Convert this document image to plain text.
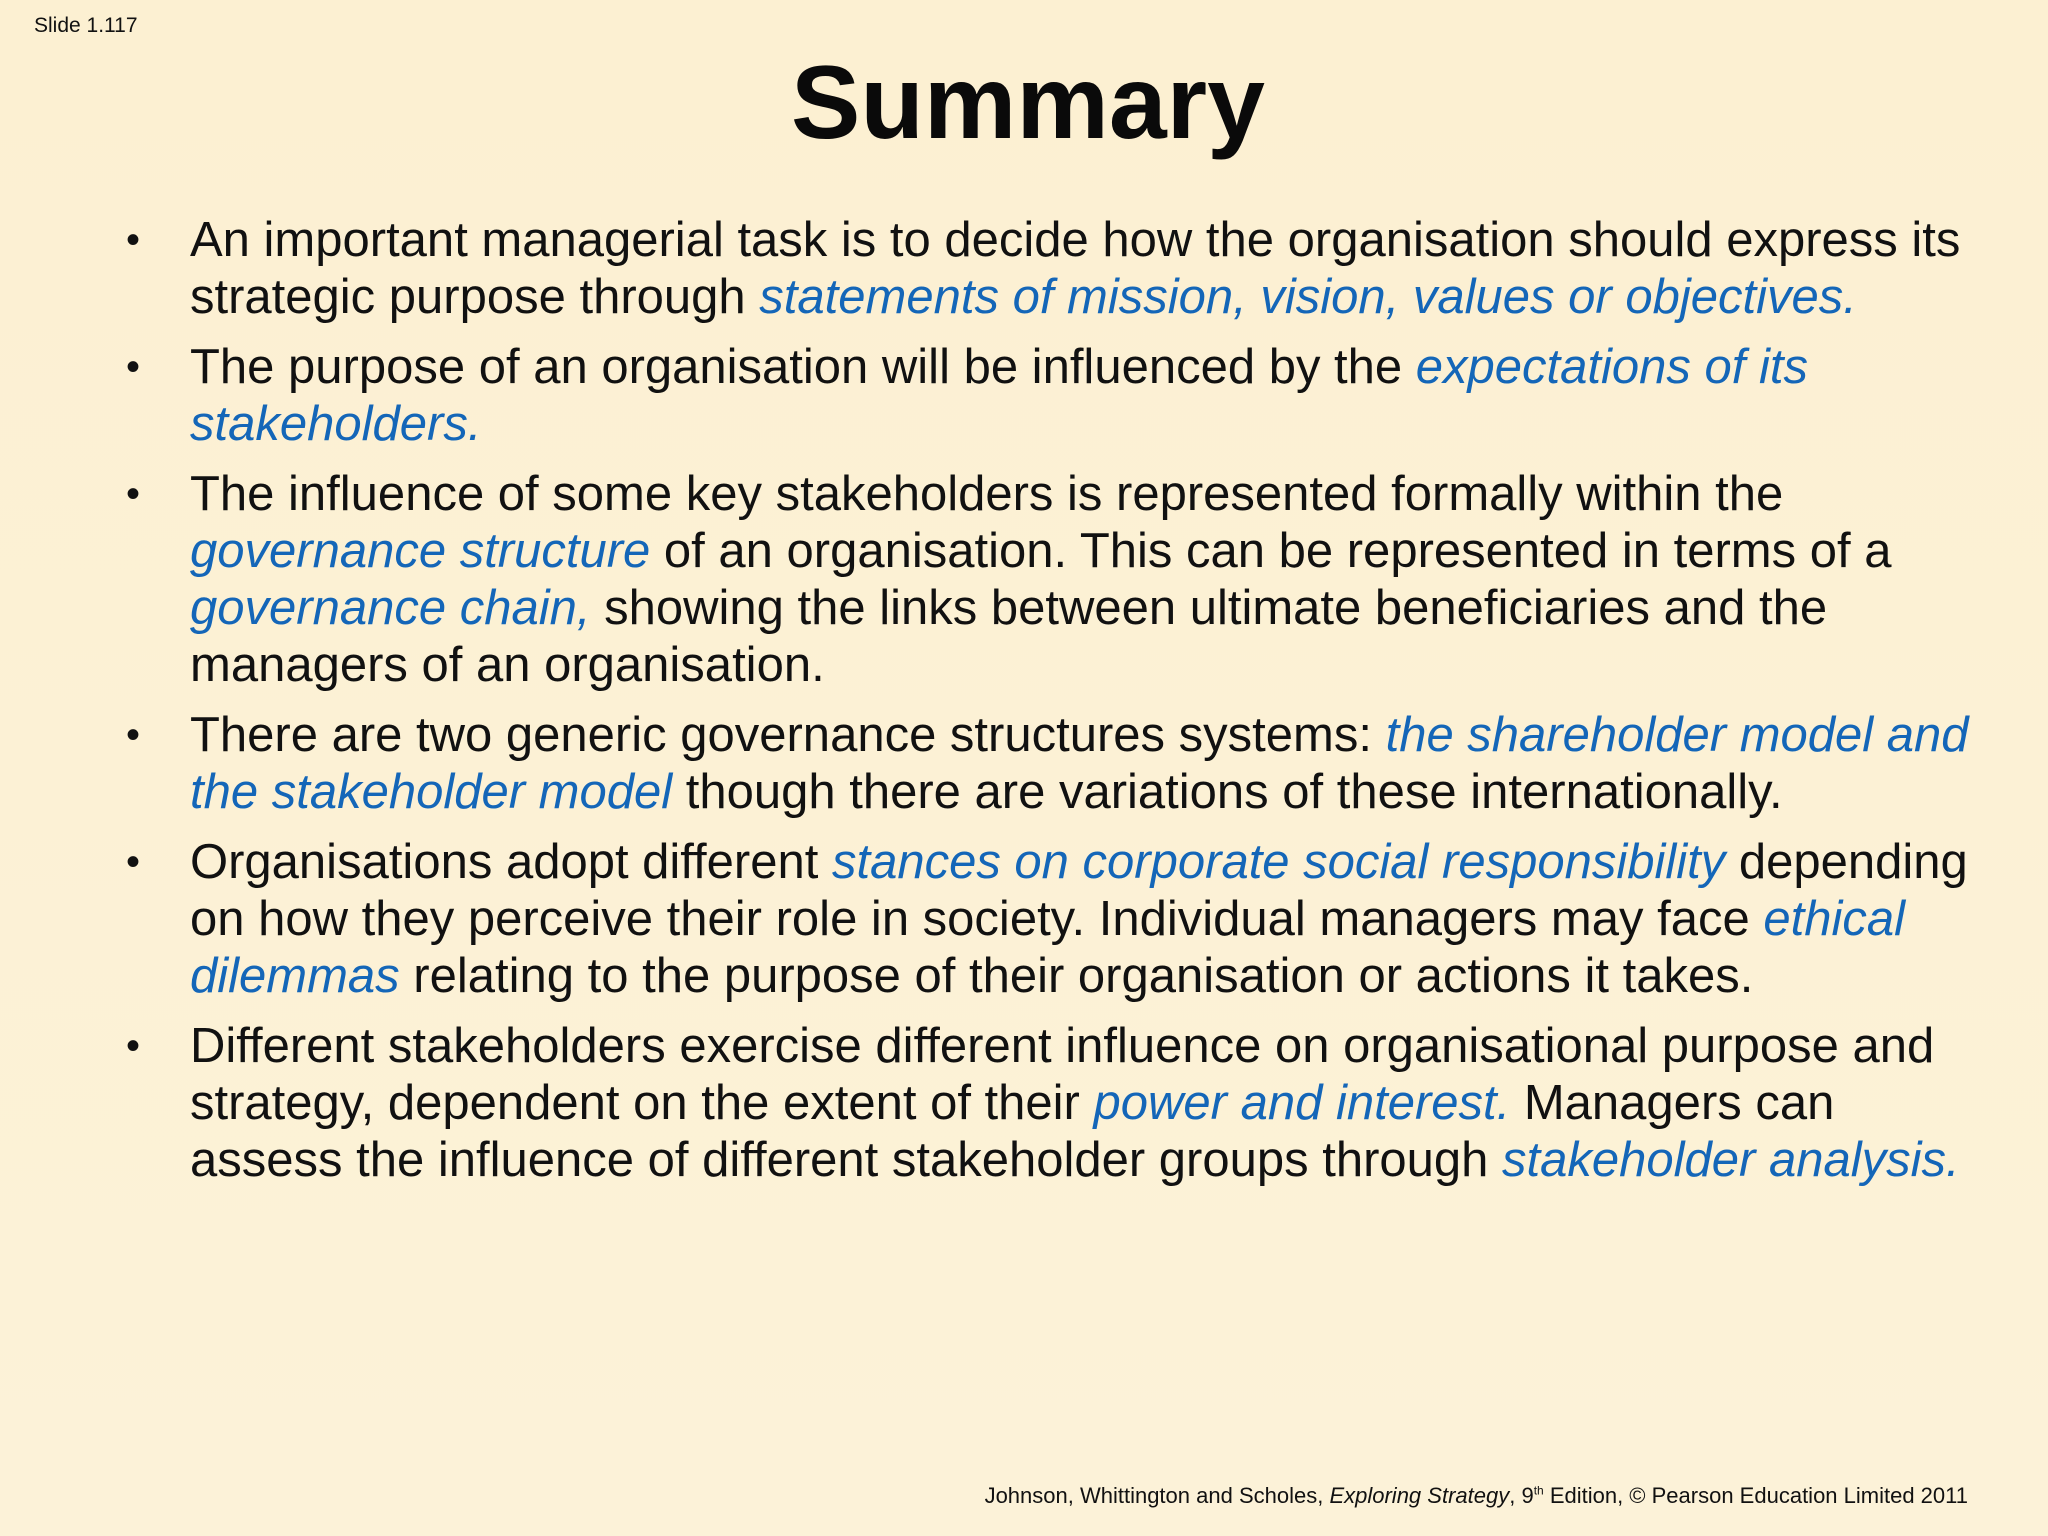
Slide 1.117
Summary
• An important managerial task is to decide how the organisation should express its strategic purpose through statements of mission, vision, values or objectives.
• The purpose of an organisation will be influenced by the expectations of its stakeholders.
• The influence of some key stakeholders is represented formally within the governance structure of an organisation. This can be represented in terms of a governance chain, showing the links between ultimate beneficiaries and the managers of an organisation.
• There are two generic governance structures systems: the shareholder model and the stakeholder model though there are variations of these internationally.
• Organisations adopt different stances on corporate social responsibility depending on how they perceive their role in society. Individual managers may face ethical dilemmas relating to the purpose of their organisation or actions it takes.
• Different stakeholders exercise different influence on organisational purpose and strategy, dependent on the extent of their power and interest. Managers can assess the influence of different stakeholder groups through stakeholder analysis.
Johnson, Whittington and Scholes, Exploring Strategy, 9th Edition, © Pearson Education Limited 2011
